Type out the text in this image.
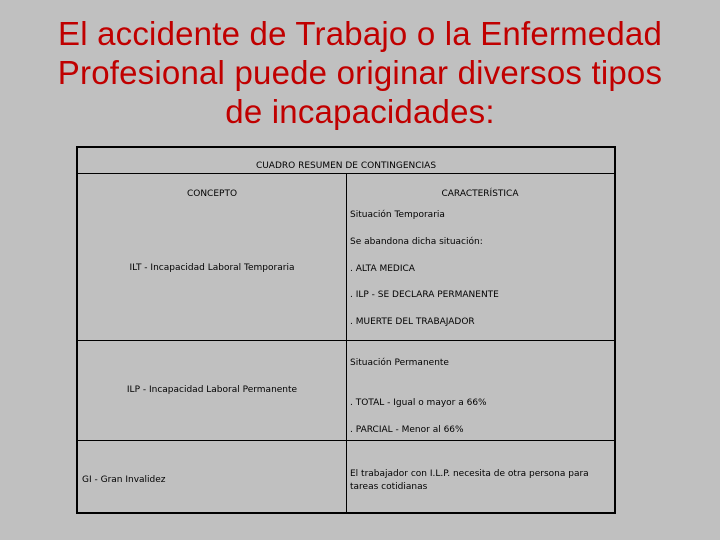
El accidente de Trabajo o la Enfermedad
Profesional puede originar diversos tipos
de incapacidades:
CUADRO RESUMEN DE CONTINGENCIAS
CONCEPTO	CARACTERÍSTICA
ILT - Incapacidad Laboral Temporaria
Situación Temporaria
Se abandona dicha situación:
. ALTA MEDICA
. ILP - SE DECLARA PERMANENTE
. MUERTE DEL TRABAJADOR
ILP - Incapacidad Laboral Permanente
Situación Permanente
. TOTAL - Igual o mayor a 66%
. PARCIAL - Menor al 66%
GI - Gran Invalidez
El trabajador con I.L.P. necesita de otra persona para tareas cotidianas
